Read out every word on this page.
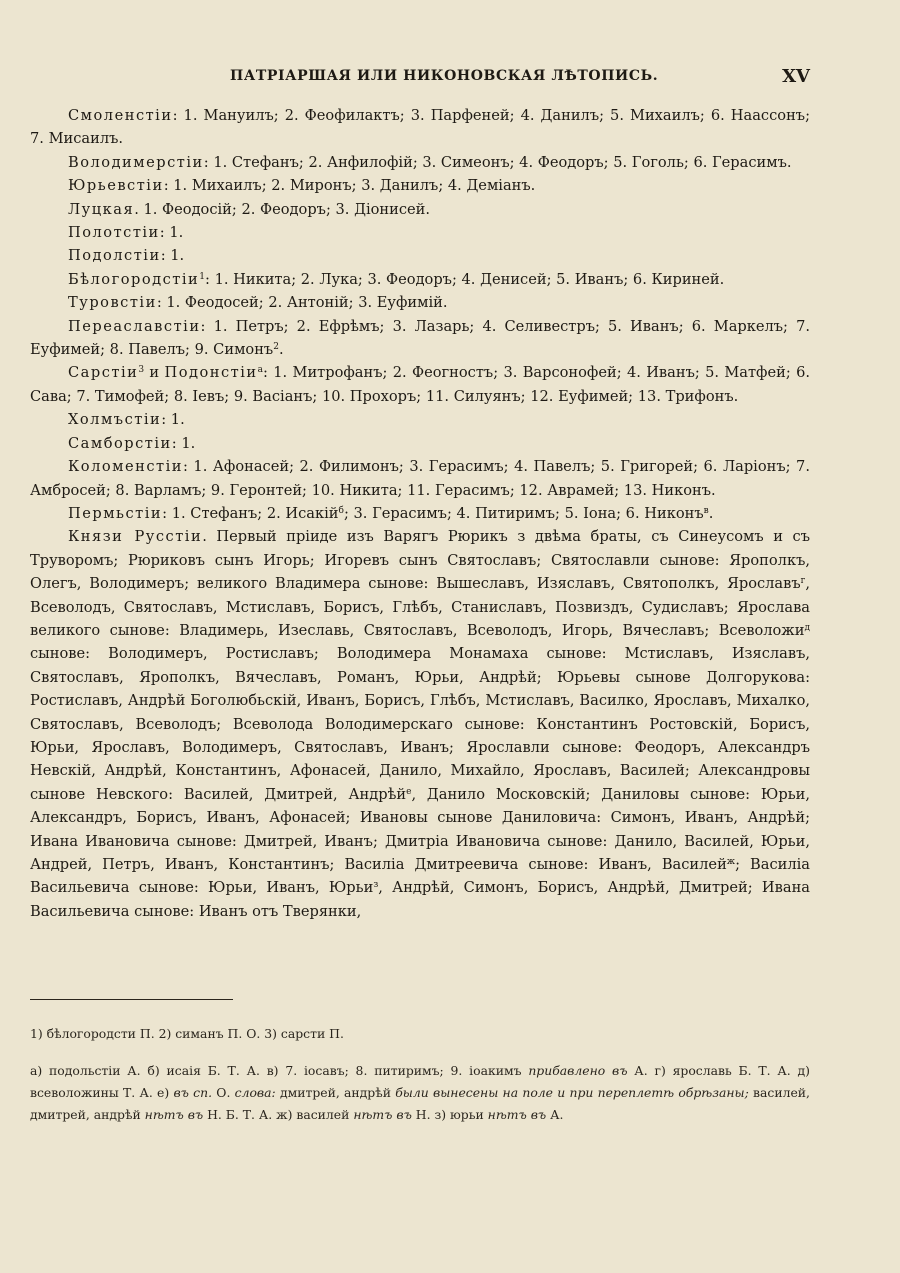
ПАТРІАРШАЯ ИЛИ НИКОНОВСКАЯ ЛѢТОПИСЬ.	XV

Смоленстіи: 1. Мануилъ; 2. Феофилактъ; 3. Парфеней; 4. Данилъ; 5. Михаилъ; 6. Наассонъ; 7. Мисаилъ.

Володимерстіи: 1. Стефанъ; 2. Анфилофій; 3. Симеонъ; 4. Феодоръ; 5. Гоголь; 6. Герасимъ.

Юрьевстіи: 1. Михаилъ; 2. Миронъ; 3. Данилъ; 4. Деміанъ.

Луцкая. 1. Феодосій; 2. Феодоръ; 3. Діонисей.

Полотстіи: 1.

Подолстіи: 1.

Бѣлогородстіи$^1$: 1. Никита; 2. Лука; 3. Феодоръ; 4. Денисей; 5. Иванъ; 6. Кириней.

Туровстіи: 1. Феодосей; 2. Антоній; 3. Еуфимій.

Переаславстіи: 1. Петръ; 2. Ефрѣмъ; 3. Лазарь; 4. Селивестръ; 5. Иванъ; 6. Маркелъ; 7. Еуфимей; 8. Павелъ; 9. Симонъ$^2$.

Сарстіи$^3$ и Подонстіи$^а$: 1. Митрофанъ; 2. Феогностъ; 3. Варсонофей; 4. Иванъ; 5. Матфей; 6. Сава; 7. Тимофей; 8. Іевъ; 9. Васіанъ; 10. Прохоръ; 11. Силуянъ; 12. Еуфимей; 13. Трифонъ.

Холмъстіи: 1.

Самборстіи: 1.

Коломенстіи: 1. Афонасей; 2. Филимонъ; 3. Герасимъ; 4. Павелъ; 5. Григорей; 6. Ларіонъ; 7. Амбросей; 8. Варламъ; 9. Геронтей; 10. Никита; 11. Герасимъ; 12. Аврамей; 13. Никонъ.

Пермьстіи: 1. Стефанъ; 2. Исакій$^б$; 3. Герасимъ; 4. Питиримъ; 5. Іона; 6. Никонъ$^в$.

Князи Русстіи. Первый пріиде изъ Варягъ Рюрикъ з двѣма браты, съ Синеусомъ и съ Труворомъ; Рюриковъ сынъ Игорь; Игоревъ сынъ Святославъ; Святославли сынове: Ярополкъ, Олегъ, Володимеръ; великого Владимера сынове: Вышеславъ, Изяславъ, Святополкъ, Ярославъ$^г$, Всеволодъ, Святославъ, Мстиславъ, Борисъ, Глѣбъ, Станиславъ, Позвиздъ, Судиславъ; Ярослава великого сынове: Владимерь, Изеславь, Святославъ, Всеволодъ, Игорь, Вячеславъ; Всеволожи$^д$ сынове: Володимеръ, Ростиславъ; Володимера Монамаха сынове: Мстиславъ, Изяславъ, Святославъ, Ярополкъ, Вячеславъ, Романъ, Юрьи, Андрѣй; Юрьевы сынове Долгорукова: Ростиславъ, Андрѣй Боголюбьскій, Иванъ, Борисъ, Глѣбъ, Мстиславъ, Василко, Ярославъ, Михалко, Святославъ, Всеволодъ; Всеволода Володимерскаго сынове: Константинъ Ростовскій, Борисъ, Юрьи, Ярославъ, Володимеръ, Святославъ, Иванъ; Ярославли сынове: Феодоръ, Александръ Невскій, Андрѣй, Константинъ, Афонасей, Данило, Михайло, Ярославъ, Василей; Александровы сынове Невского: Василей, Дмитрей, Андрѣй$^е$, Данило Московскій; Даниловы сынове: Юрьи, Александръ, Борисъ, Иванъ, Афонасей; Ивановы сынове Даниловича: Симонъ, Иванъ, Андрѣй; Ивана Ивановича сынове: Дмитрей, Иванъ; Дмитріа Ивановича сынове: Данило, Василей, Юрьи, Андрей, Петръ, Иванъ, Константинъ; Василіа Дмитреевича сынове: Иванъ, Василей$^ж$; Василіа Васильевича сынове: Юрьи, Иванъ, Юрьи$^з$, Андрѣй, Симонъ, Борисъ, Андрѣй, Дмитрей; Ивана Васильевича сынове: Иванъ отъ Тверянки,

1) бѣлогородсти П. 2) симанъ П. О. 3) сарсти П.

а) подольстіи А. б) исаія Б. Т. А. в) 7. іосавъ; 8. питиримъ; 9. іоакимъ прибавлено въ А. г) ярославь Б. Т. А. д) всеволожины Т. А. е) въ сп. О. слова: дмитрей, андрѣй были вынесены на поле и при переплетѣ обрѣзаны; василей, дмитрей, андрѣй нѣтъ въ Н. Б. Т. А. ж) василей нѣтъ въ Н. з) юрьи нѣтъ въ А.
